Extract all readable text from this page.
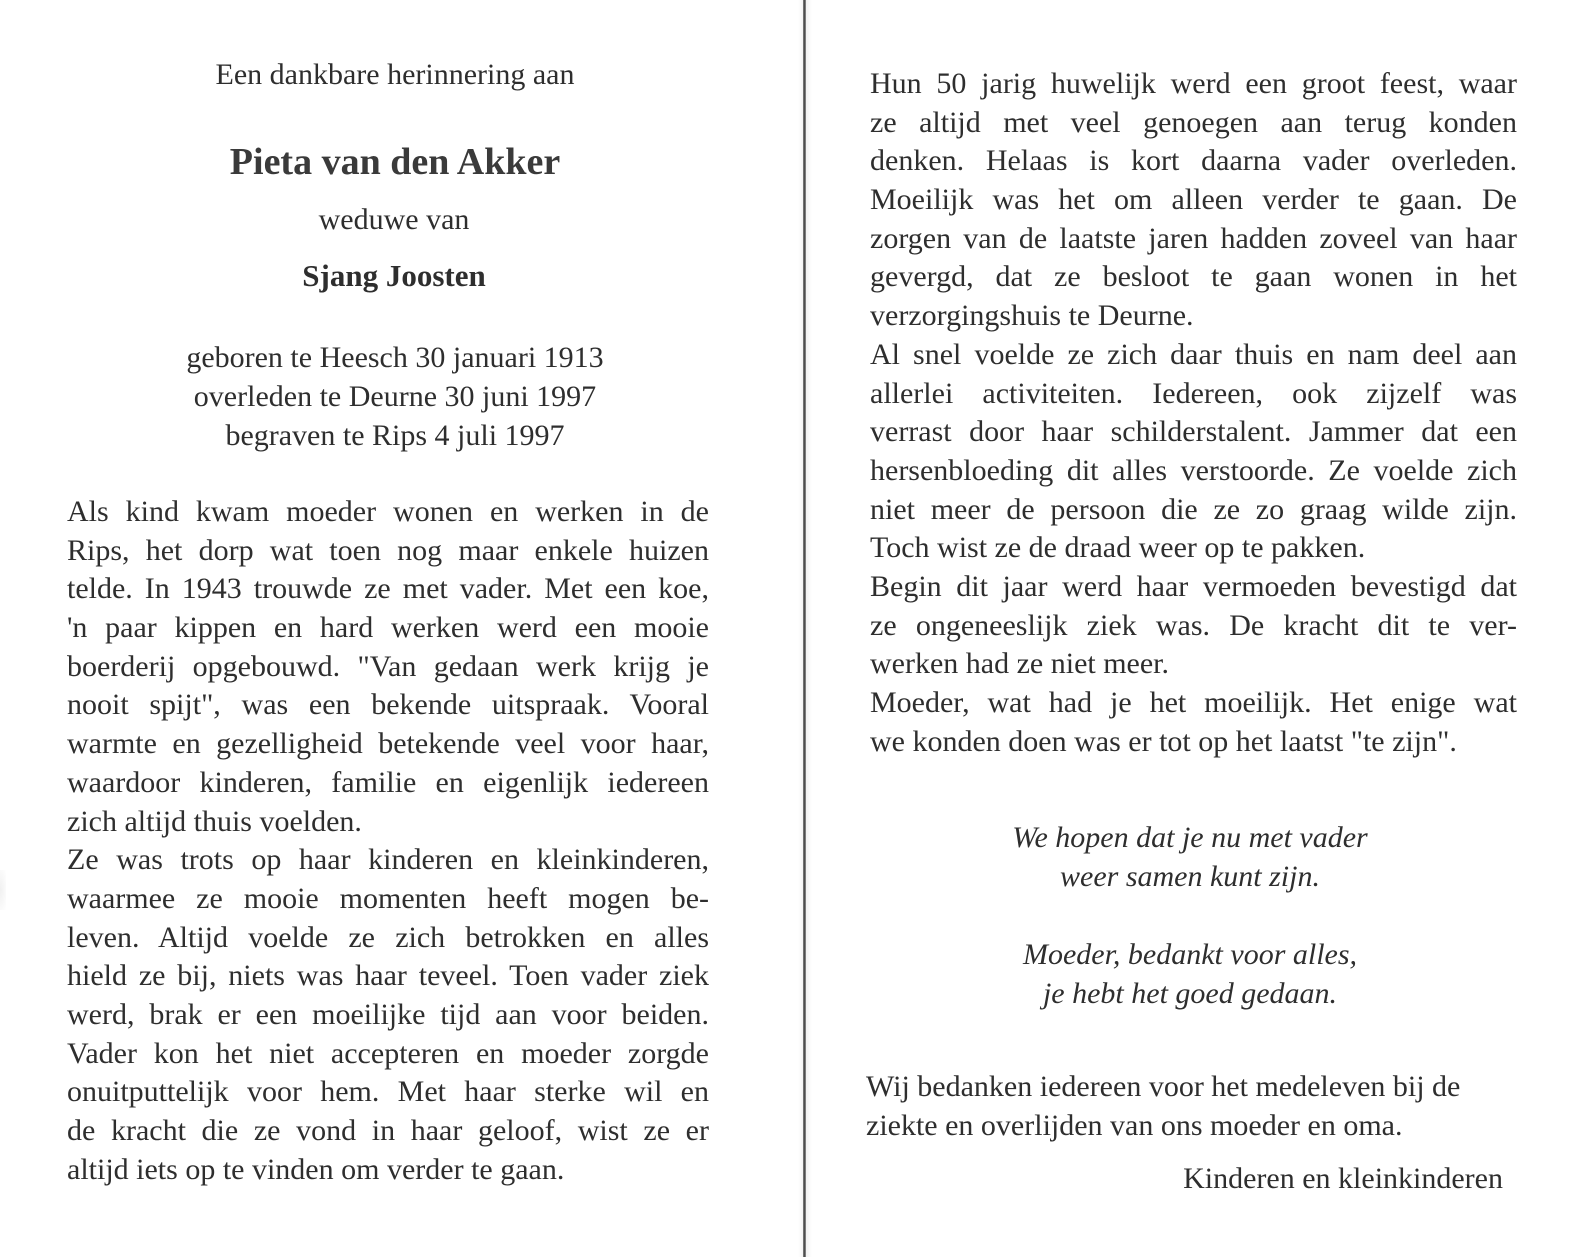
Een dankbare herinnering aan
Pieta van den Akker
weduwe van
Sjang Joosten
geboren te Heesch 30 januari 1913
overleden te Deurne 30 juni 1997
begraven te Rips 4 juli 1997
Als kind kwam moeder wonen en werken in de
Rips, het dorp wat toen nog maar enkele huizen
telde. In 1943 trouwde ze met vader. Met een koe,
'n paar kippen en hard werken werd een mooie
boerderij opgebouwd. "Van gedaan werk krijg je
nooit spijt", was een bekende uitspraak. Vooral
warmte en gezelligheid betekende veel voor haar,
waardoor kinderen, familie en eigenlijk iedereen
zich altijd thuis voelden.
Ze was trots op haar kinderen en kleinkinderen,
waarmee ze mooie momenten heeft mogen be-
leven. Altijd voelde ze zich betrokken en alles
hield ze bij, niets was haar teveel. Toen vader ziek
werd, brak er een moeilijke tijd aan voor beiden.
Vader kon het niet accepteren en moeder zorgde
onuitputtelijk voor hem. Met haar sterke wil en
de kracht die ze vond in haar geloof, wist ze er
altijd iets op te vinden om verder te gaan.
Hun 50 jarig huwelijk werd een groot feest, waar
ze altijd met veel genoegen aan terug konden
denken. Helaas is kort daarna vader overleden.
Moeilijk was het om alleen verder te gaan. De
zorgen van de laatste jaren hadden zoveel van haar
gevergd, dat ze besloot te gaan wonen in het
verzorgingshuis te Deurne.
Al snel voelde ze zich daar thuis en nam deel aan
allerlei activiteiten. Iedereen, ook zijzelf was
verrast door haar schilderstalent. Jammer dat een
hersenbloeding dit alles verstoorde. Ze voelde zich
niet meer de persoon die ze zo graag wilde zijn.
Toch wist ze de draad weer op te pakken.
Begin dit jaar werd haar vermoeden bevestigd dat
ze ongeneeslijk ziek was. De kracht dit te ver-
werken had ze niet meer.
Moeder, wat had je het moeilijk. Het enige wat
we konden doen was er tot op het laatst "te zijn".
We hopen dat je nu met vader
weer samen kunt zijn.
Moeder, bedankt voor alles,
je hebt het goed gedaan.
Wij bedanken iedereen voor het medeleven bij de
ziekte en overlijden van ons moeder en oma.
Kinderen en kleinkinderen
